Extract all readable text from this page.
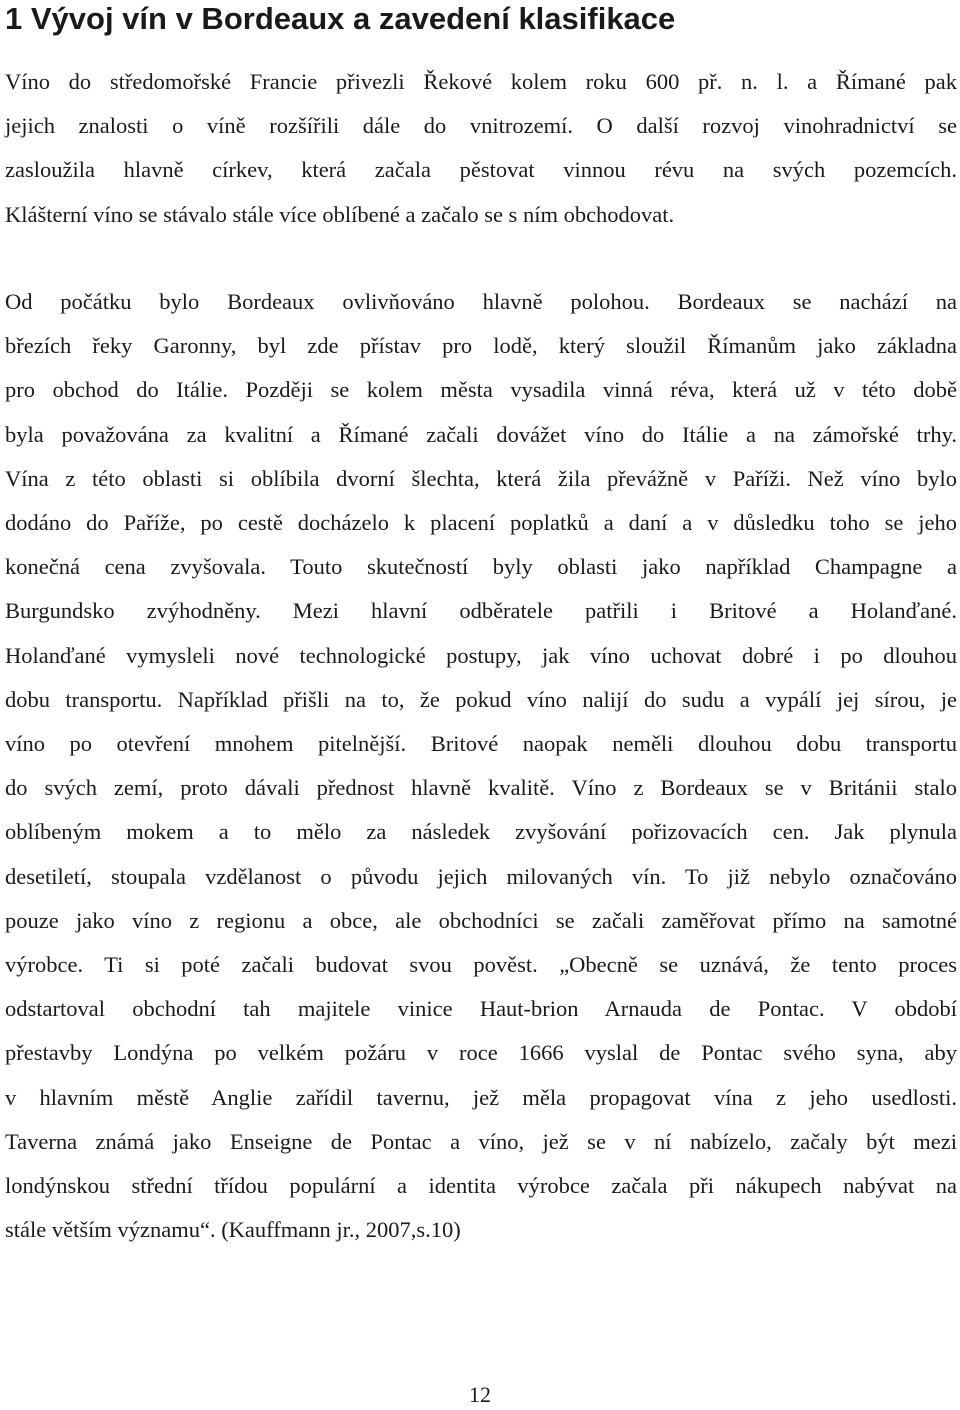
1 Vývoj vín v Bordeaux a zavedení klasifikace

Víno do středomořské Francie přivezli Řekové kolem roku 600 př. n. l. a Římané pak
jejich znalosti o víně rozšířili dále do vnitrozemí. O další rozvoj vinohradnictví se
zasloužila hlavně církev, která začala pěstovat vinnou révu na svých pozemcích.
Klášterní víno se stávalo stále více oblíbené a začalo se s ním obchodovat.

Od počátku bylo Bordeaux ovlivňováno hlavně polohou. Bordeaux se nachází na
březích řeky Garonny, byl zde přístav pro lodě, který sloužil Římanům jako základna
pro obchod do Itálie. Později se kolem města vysadila vinná réva, která už v této době
byla považována za kvalitní a Římané začali dovážet víno do Itálie a na zámořské trhy.
Vína z této oblasti si oblíbila dvorní šlechta, která žila převážně v Paříži. Než víno bylo
dodáno do Paříže, po cestě docházelo k placení poplatků a daní a v důsledku toho se jeho
konečná cena zvyšovala. Touto skutečností byly oblasti jako například Champagne a
Burgundsko zvýhodněny. Mezi hlavní odběratele patřili i Britové a Holanďané.
Holanďané vymysleli nové technologické postupy, jak víno uchovat dobré i po dlouhou
dobu transportu. Například přišli na to, že pokud víno nalijí do sudu a vypálí jej sírou, je
víno po otevření mnohem pitelnější. Britové naopak neměli dlouhou dobu transportu
do svých zemí, proto dávali přednost hlavně kvalitě. Víno z Bordeaux se v Británii stalo
oblíbeným mokem a to mělo za následek zvyšování pořizovacích cen. Jak plynula
desetiletí, stoupala vzdělanost o původu jejich milovaných vín. To již nebylo označováno
pouze jako víno z regionu a obce, ale obchodníci se začali zaměřovat přímo na samotné
výrobce. Ti si poté začali budovat svou pověst. „Obecně se uznává, že tento proces
odstartoval obchodní tah majitele vinice Haut-brion Arnauda de Pontac. V období
přestavby Londýna po velkém požáru v roce 1666 vyslal de Pontac svého syna, aby
v hlavním městě Anglie zařídil tavernu, jež měla propagovat vína z jeho usedlosti.
Taverna známá jako Enseigne de Pontac a víno, jež se v ní nabízelo, začaly být mezi
londýnskou střední třídou populární a identita výrobce začala při nákupech nabývat na
stále větším významu“. (Kauffmann jr., 2007,s.10)

12
